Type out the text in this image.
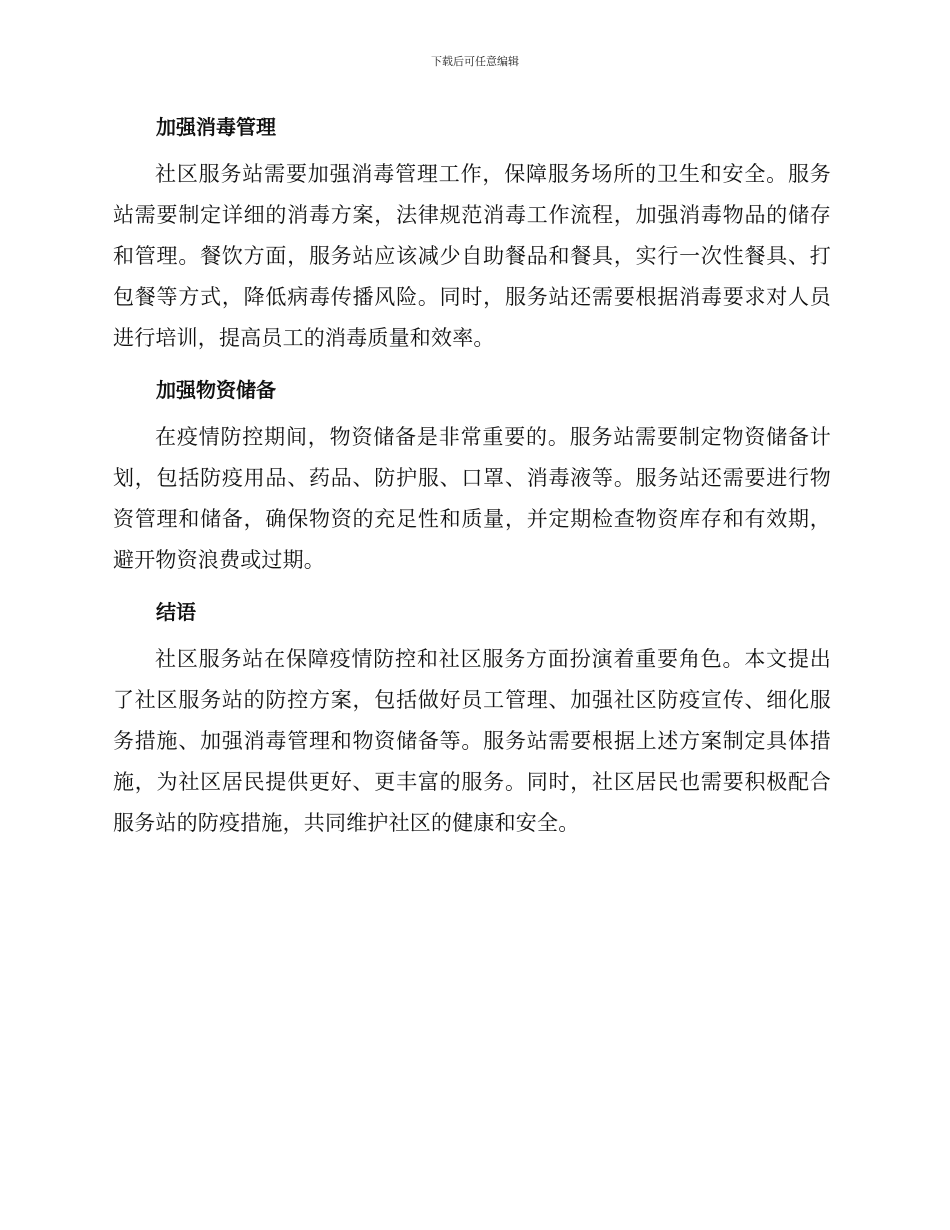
下载后可任意编辑
加强消毒管理

社区服务站需要加强消毒管理工作，保障服务场所的卫生和安全。服务站需要制定详细的消毒方案，法律规范消毒工作流程，加强消毒物品的储存和管理。餐饮方面，服务站应该减少自助餐品和餐具，实行一次性餐具、打包餐等方式，降低病毒传播风险。同时，服务站还需要根据消毒要求对人员进行培训，提高员工的消毒质量和效率。

加强物资储备

在疫情防控期间，物资储备是非常重要的。服务站需要制定物资储备计划，包括防疫用品、药品、防护服、口罩、消毒液等。服务站还需要进行物资管理和储备，确保物资的充足性和质量，并定期检查物资库存和有效期，避开物资浪费或过期。

结语

社区服务站在保障疫情防控和社区服务方面扮演着重要角色。本文提出了社区服务站的防控方案，包括做好员工管理、加强社区防疫宣传、细化服务措施、加强消毒管理和物资储备等。服务站需要根据上述方案制定具体措施，为社区居民提供更好、更丰富的服务。同时，社区居民也需要积极配合服务站的防疫措施，共同维护社区的健康和安全。
